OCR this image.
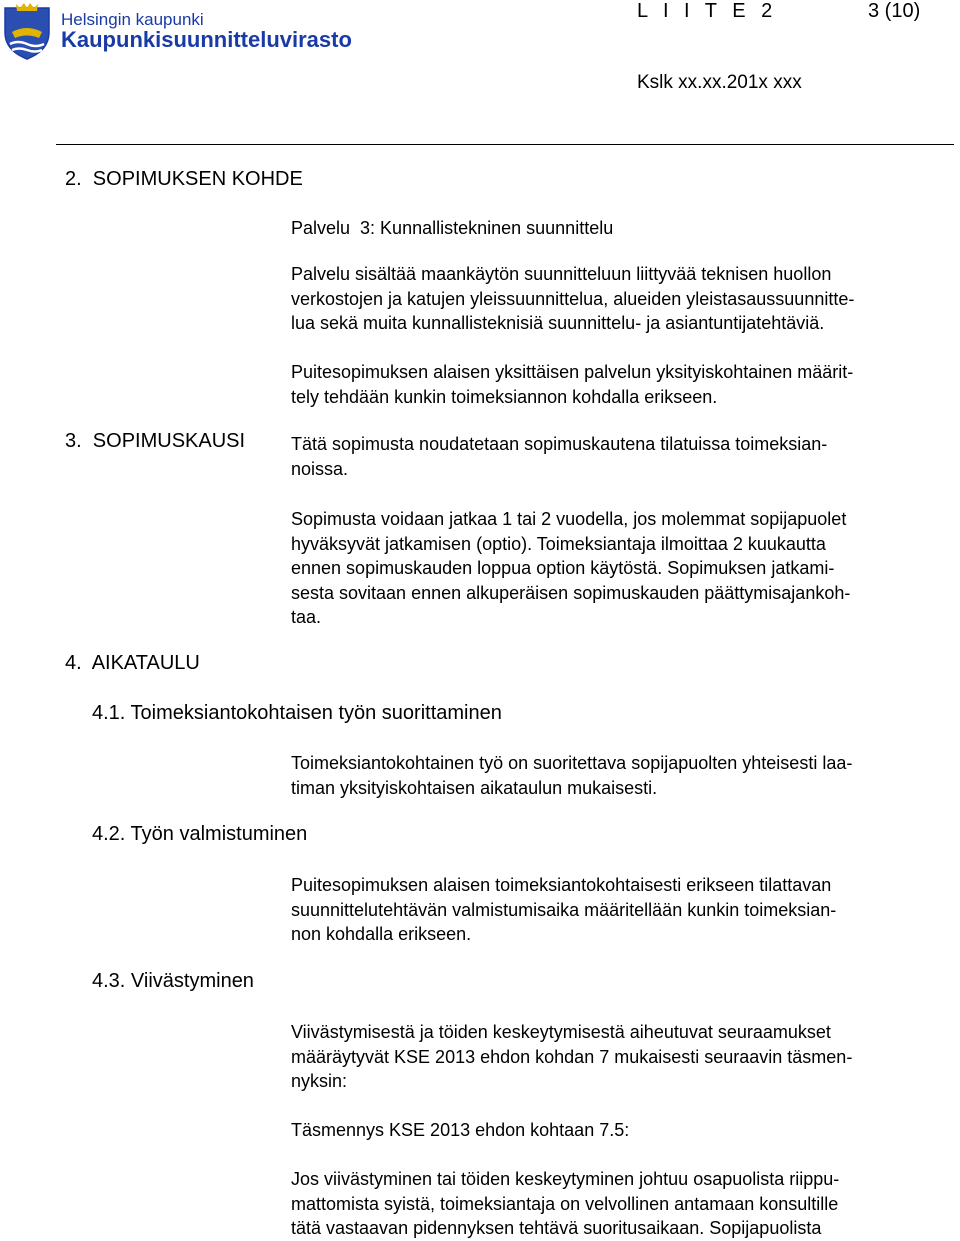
Helsingin kaupunki
Kaupunkisuunnitteluvirasto
L I I T E 2	3 (10)
Kslk xx.xx.201x xxx
2.  SOPIMUKSEN KOHDE
Palvelu  3: Kunnallistekninen suunnittelu
Palvelu sisältää maankäytön suunnitteluun liittyvää teknisen huollon
verkostojen ja katujen yleissuunnittelua, alueiden yleistasaussuunnitte-
lua sekä muita kunnallisteknisiä suunnittelu- ja asiantuntijatehtäviä.
Puitesopimuksen alaisen yksittäisen palvelun yksityiskohtainen määrit-
tely tehdään kunkin toimeksiannon kohdalla erikseen.
3.  SOPIMUSKAUSI	Tätä sopimusta noudatetaan sopimuskautena tilatuissa toimeksian-
noissa.
Sopimusta voidaan jatkaa 1 tai 2 vuodella, jos molemmat sopijapuolet
hyväksyvät jatkamisen (optio). Toimeksiantaja ilmoittaa 2 kuukautta
ennen sopimuskauden loppua option käytöstä. Sopimuksen jatkami-
sesta sovitaan ennen alkuperäisen sopimuskauden päättymisajankoh-
taa.
4.  AIKATAULU
4.1. Toimeksiantokohtaisen työn suorittaminen
Toimeksiantokohtainen työ on suoritettava sopijapuolten yhteisesti laa-
timan yksityiskohtaisen aikataulun mukaisesti.
4.2. Työn valmistuminen
Puitesopimuksen alaisen toimeksiantokohtaisesti erikseen tilattavan
suunnittelutehtävän valmistumisaika määritellään kunkin toimeksian-
non kohdalla erikseen.
4.3. Viivästyminen
Viivästymisestä ja töiden keskeytymisestä aiheutuvat seuraamukset
määräytyvät KSE 2013 ehdon kohdan 7 mukaisesti seuraavin täsmen-
nyksin:
Täsmennys KSE 2013 ehdon kohtaan 7.5:
Jos viivästyminen tai töiden keskeytyminen johtuu osapuolista riippu-
mattomista syistä, toimeksiantaja on velvollinen antamaan konsultille
tätä vastaavan pidennyksen tehtävä suoritusaikaan. Sopijapuolista
